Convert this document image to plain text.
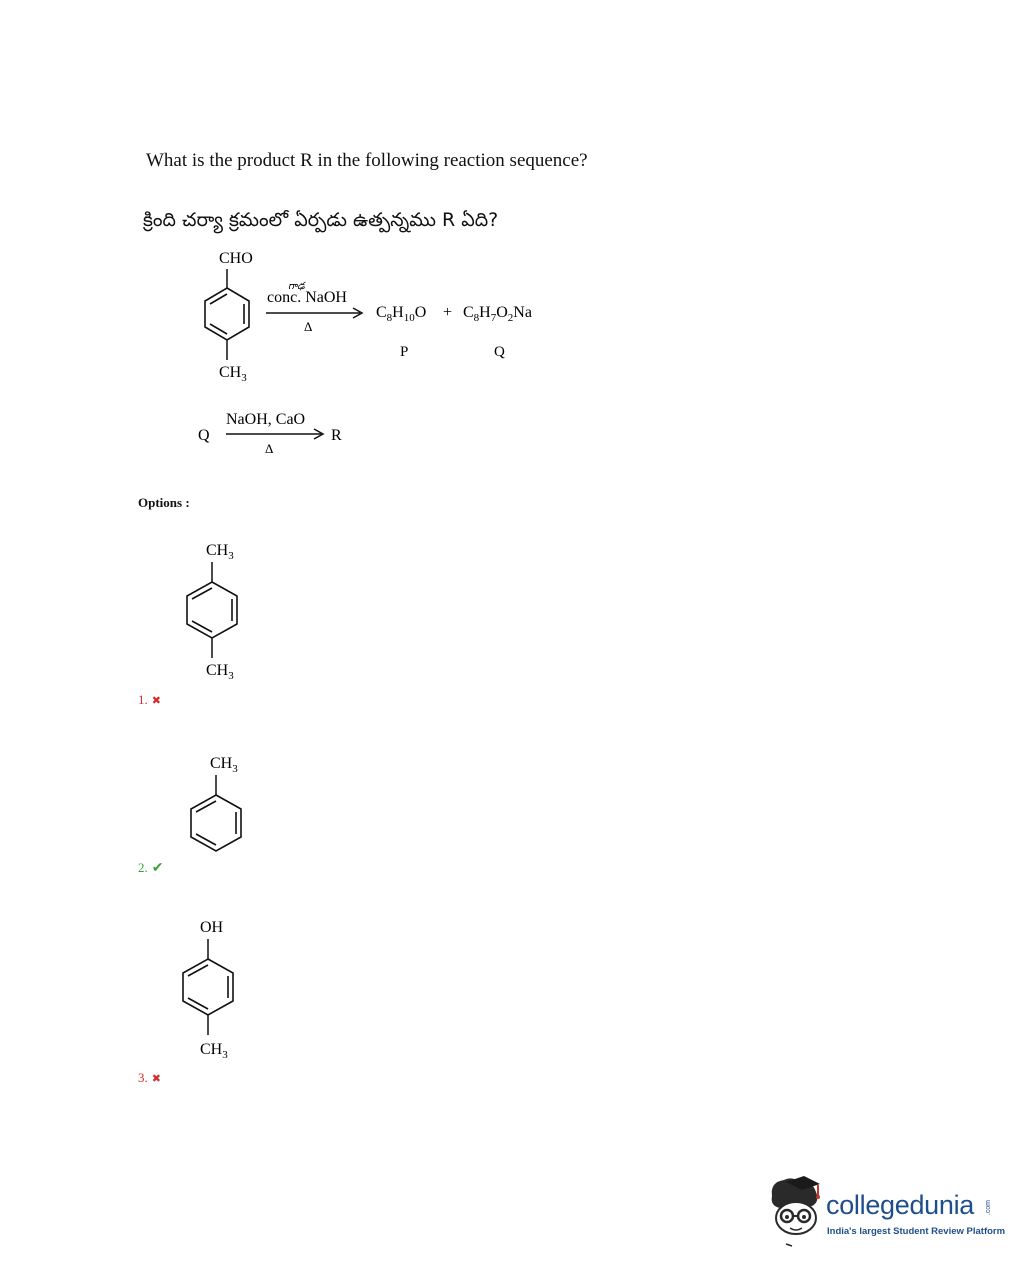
What is the product R in the following reaction sequence?
క్రింది చర్యా క్రమంలో ఏర్పడు ఉత్పన్నము R ఏది?
CHO
$CH_3$
గాఢ
conc. NaOH
Δ
$C_8H_{10}O + C_8H_7O_2Na$
P	Q
Q
NaOH, CaO
Δ
R
Options :
$CH_3$
$CH_3$
1. ✖
$CH_3$
2. ✔
OH
$CH_3$
3. ✖
collegedunia .com
India's largest Student Review Platform
